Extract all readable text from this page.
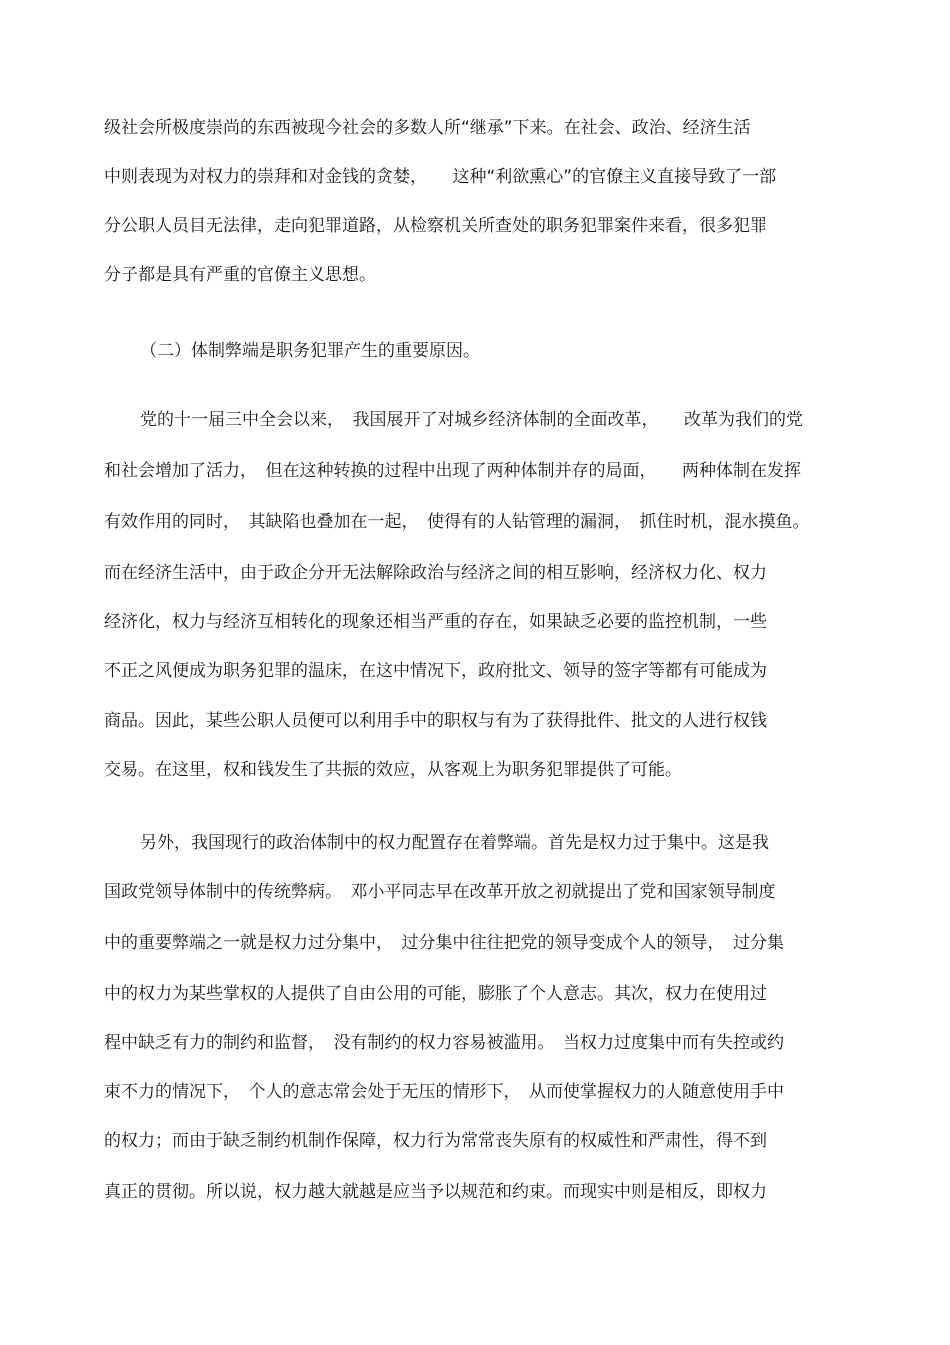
级社会所极度崇尚的东西被现今社会的多数人所“继承”下来。在社会、政治、经济生活
中则表现为对权力的崇拜和对金钱的贪婪，　　这种“利欲熏心”的官僚主义直接导致了一部
分公职人员目无法律，走向犯罪道路，从检察机关所查处的职务犯罪案件来看，很多犯罪
分子都是具有严重的官僚主义思想。
（二）体制弊端是职务犯罪产生的重要原因。
党的十一届三中全会以来，　我国展开了对城乡经济体制的全面改革，　　改革为我们的党
和社会增加了活力，　但在这种转换的过程中出现了两种体制并存的局面，　　两种体制在发挥
有效作用的同时，　其缺陷也叠加在一起，　使得有的人钻管理的漏洞，　抓住时机，混水摸鱼。
而在经济生活中，由于政企分开无法解除政治与经济之间的相互影响，经济权力化、权力
经济化，权力与经济互相转化的现象还相当严重的存在，如果缺乏必要的监控机制，一些
不正之风便成为职务犯罪的温床，在这中情况下，政府批文、领导的签字等都有可能成为
商品。因此，某些公职人员便可以利用手中的职权与有为了获得批件、批文的人进行权钱
交易。在这里，权和钱发生了共振的效应，从客观上为职务犯罪提供了可能。
另外，我国现行的政治体制中的权力配置存在着弊端。首先是权力过于集中。这是我
国政党领导体制中的传统弊病。　邓小平同志早在改革开放之初就提出了党和国家领导制度
中的重要弊端之一就是权力过分集中，　过分集中往往把党的领导变成个人的领导，　过分集
中的权力为某些掌权的人提供了自由公用的可能，膨胀了个人意志。其次，权力在使用过
程中缺乏有力的制约和监督，　没有制约的权力容易被滥用。　当权力过度集中而有失控或约
束不力的情况下，　个人的意志常会处于无压的情形下，　从而使掌握权力的人随意使用手中
的权力；而由于缺乏制约机制作保障，权力行为常常丧失原有的权威性和严肃性，得不到
真正的贯彻。所以说，权力越大就越是应当予以规范和约束。而现实中则是相反，即权力
